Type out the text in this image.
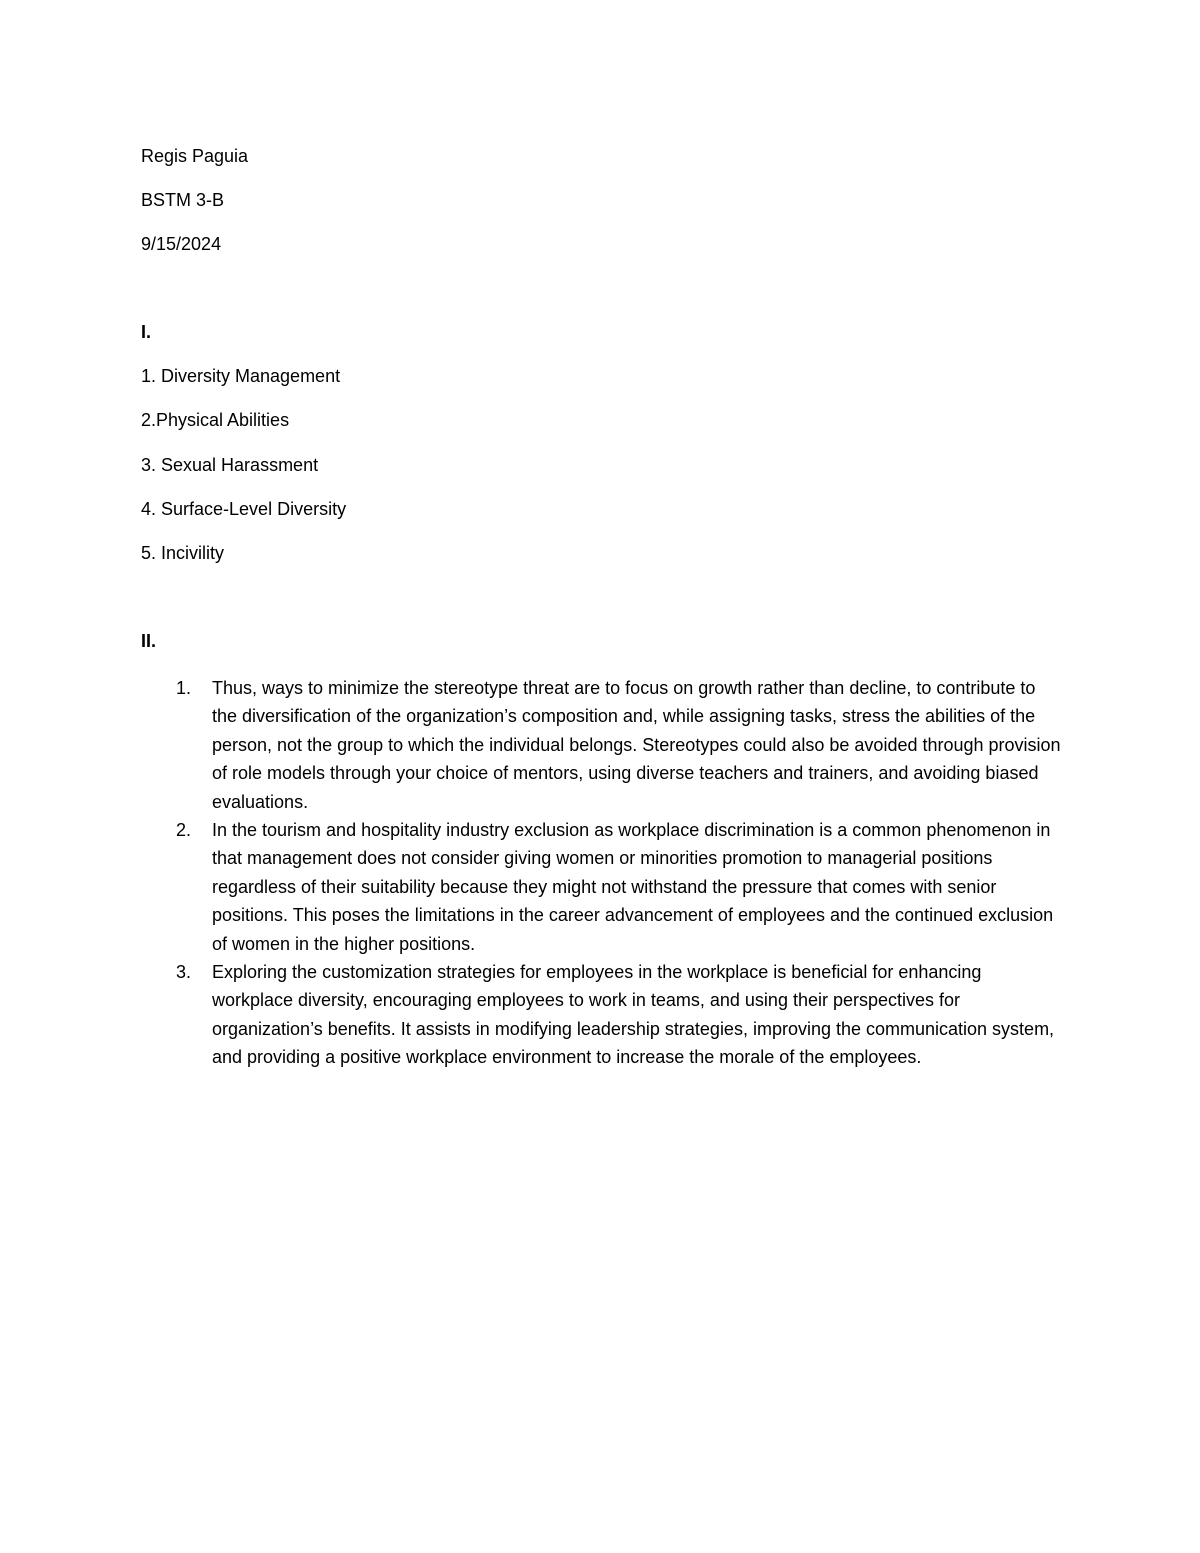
Regis Paguia
BSTM 3-B
9/15/2024
I.
1. Diversity Management
2.Physical Abilities
3. Sexual Harassment
4. Surface-Level Diversity
5. Incivility
II.
1. Thus, ways to minimize the stereotype threat are to focus on growth rather than decline, to contribute to the diversification of the organization’s composition and, while assigning tasks, stress the abilities of the person, not the group to which the individual belongs. Stereotypes could also be avoided through provision of role models through your choice of mentors, using diverse teachers and trainers, and avoiding biased evaluations.
2. In the tourism and hospitality industry exclusion as workplace discrimination is a common phenomenon in that management does not consider giving women or minorities promotion to managerial positions regardless of their suitability because they might not withstand the pressure that comes with senior positions. This poses the limitations in the career advancement of employees and the continued exclusion of women in the higher positions.
3. Exploring the customization strategies for employees in the workplace is beneficial for enhancing workplace diversity, encouraging employees to work in teams, and using their perspectives for organization’s benefits. It assists in modifying leadership strategies, improving the communication system, and providing a positive workplace environment to increase the morale of the employees.
